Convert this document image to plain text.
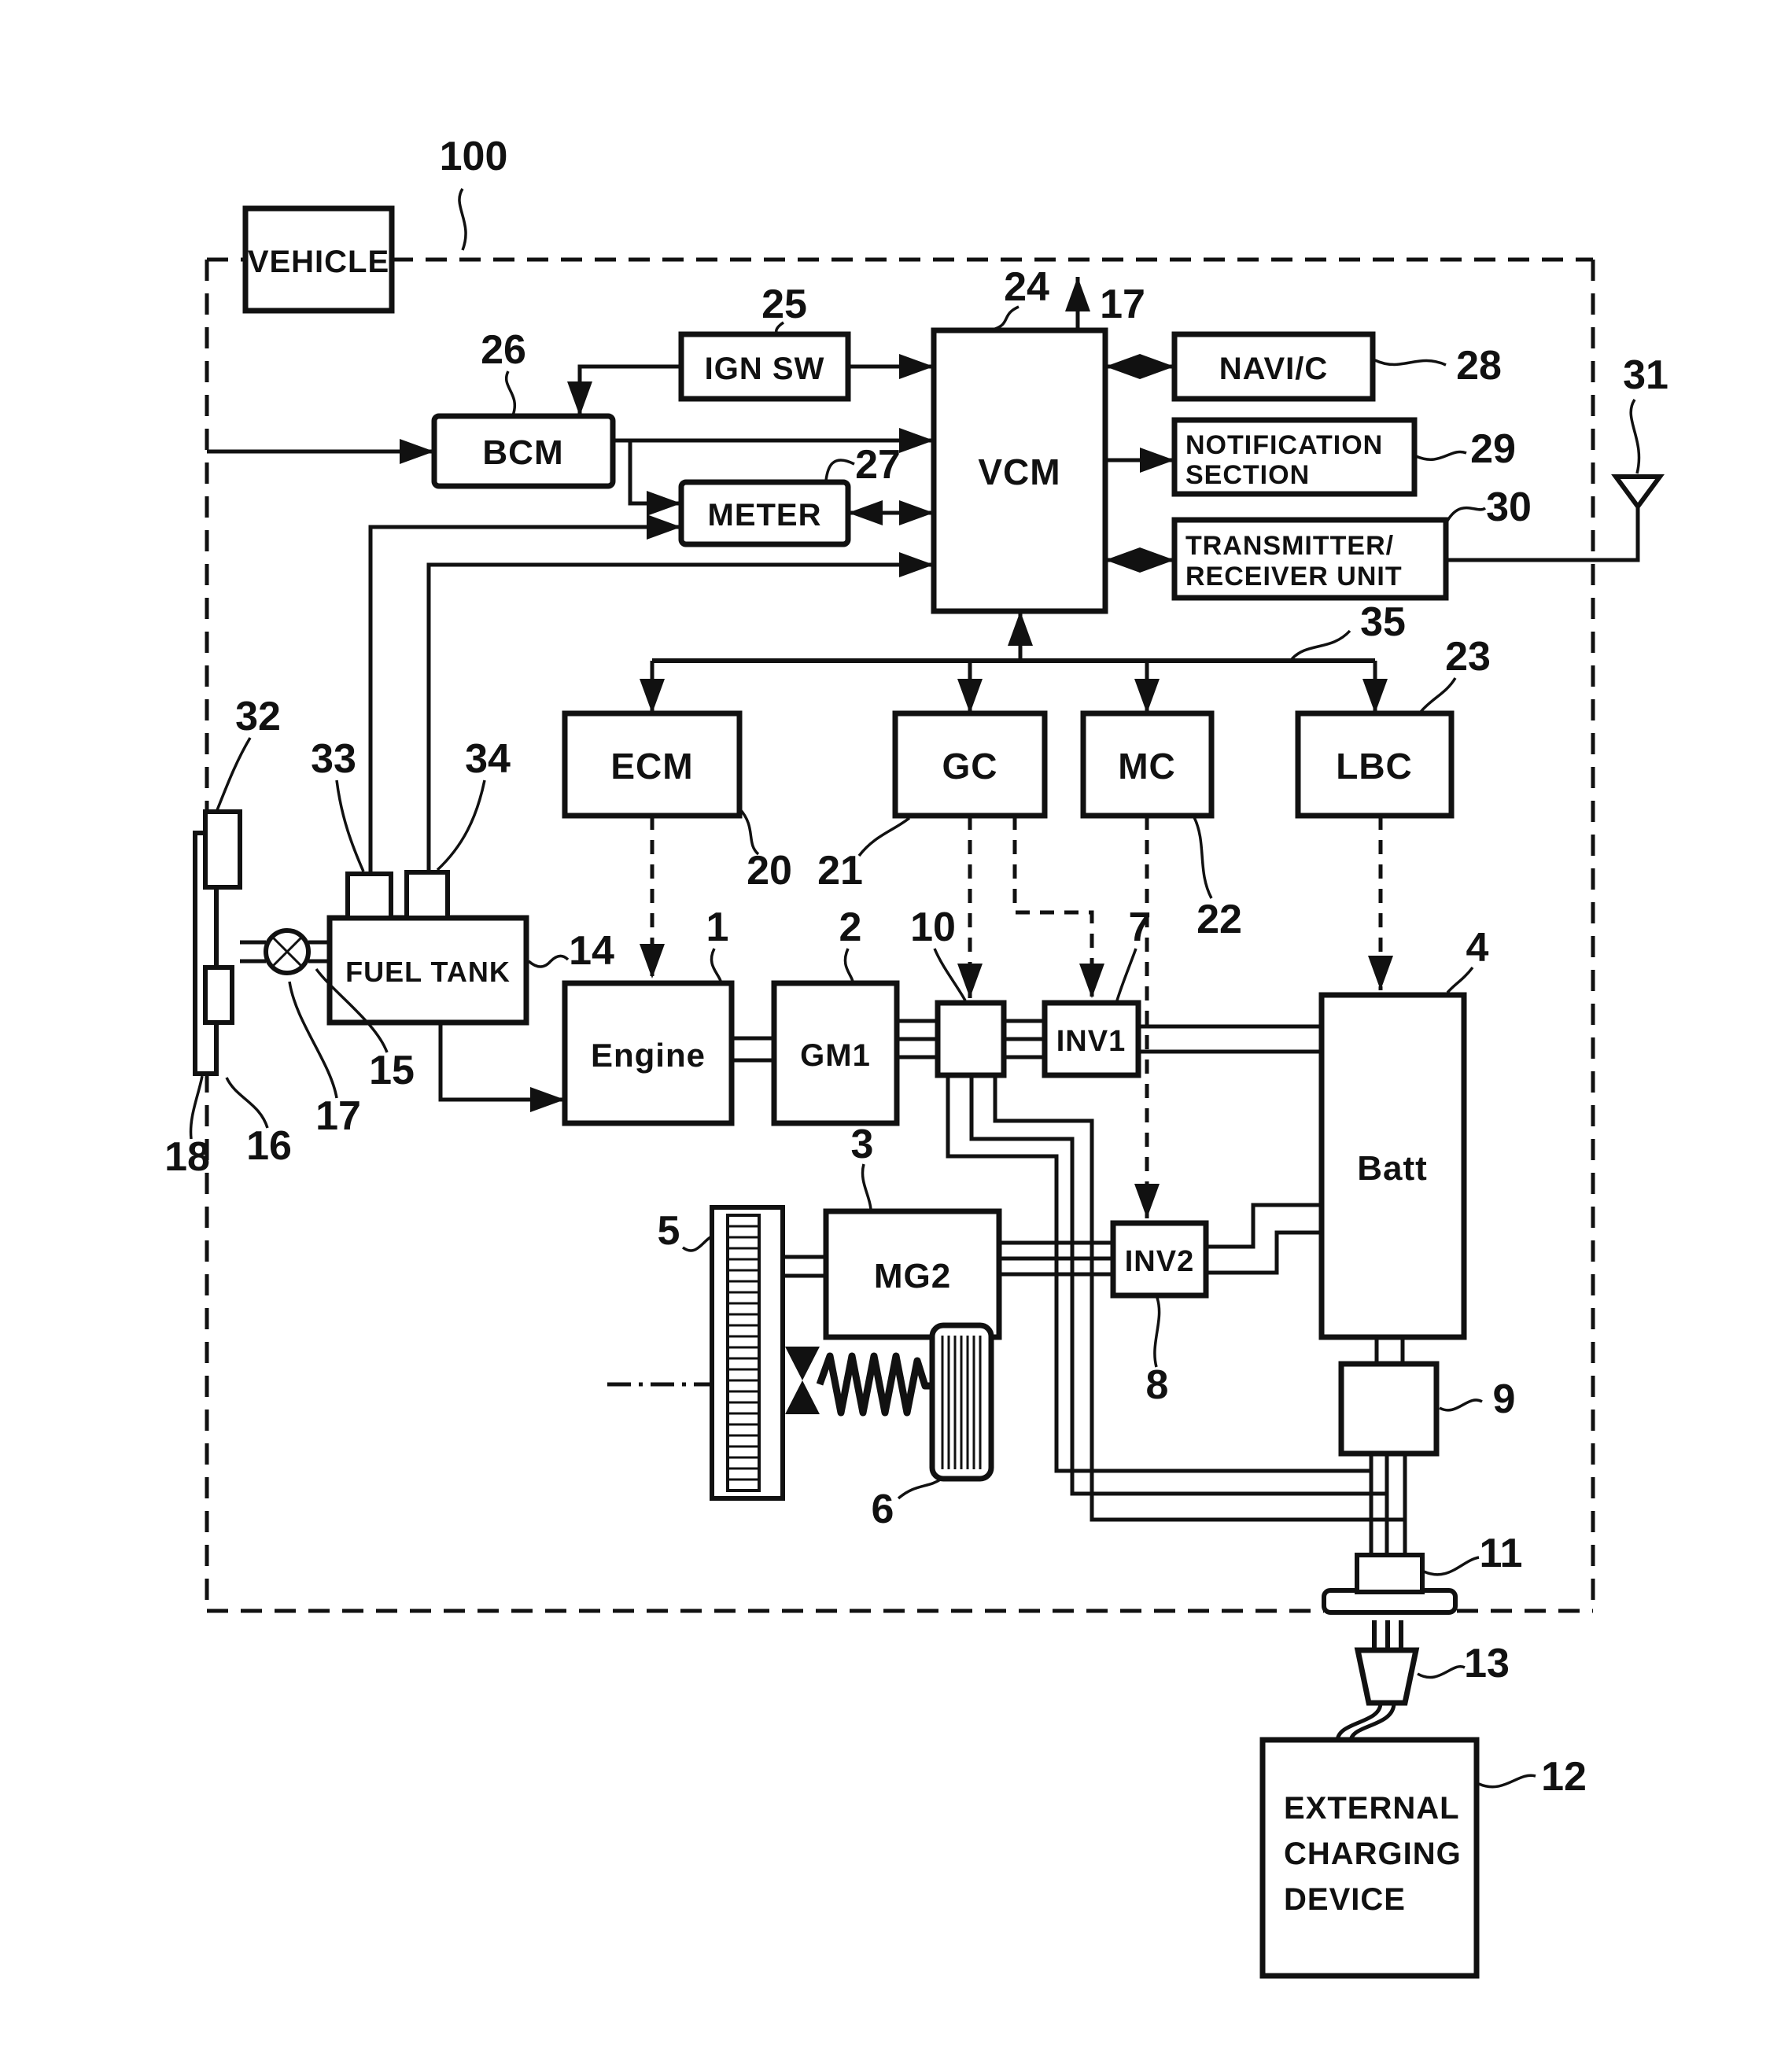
VEHICLE
IGN SW
BCM
METER
VCM
NAVI/C
NOTIFICATION
SECTION
TRANSMITTER/
RECEIVER UNIT
ECM	GC	MC	LBC
FUEL TANK
Engine	GM1	INV1
Batt
MG2	INV2
EXTERNAL
CHARGING
DEVICE
100
25
26
27
24 17
28
29
30
31
35
23
20 21
22
14
1	2 10	7	4
3
5
6
8	9
11
13
12
32
33	34
15
17
16
18
